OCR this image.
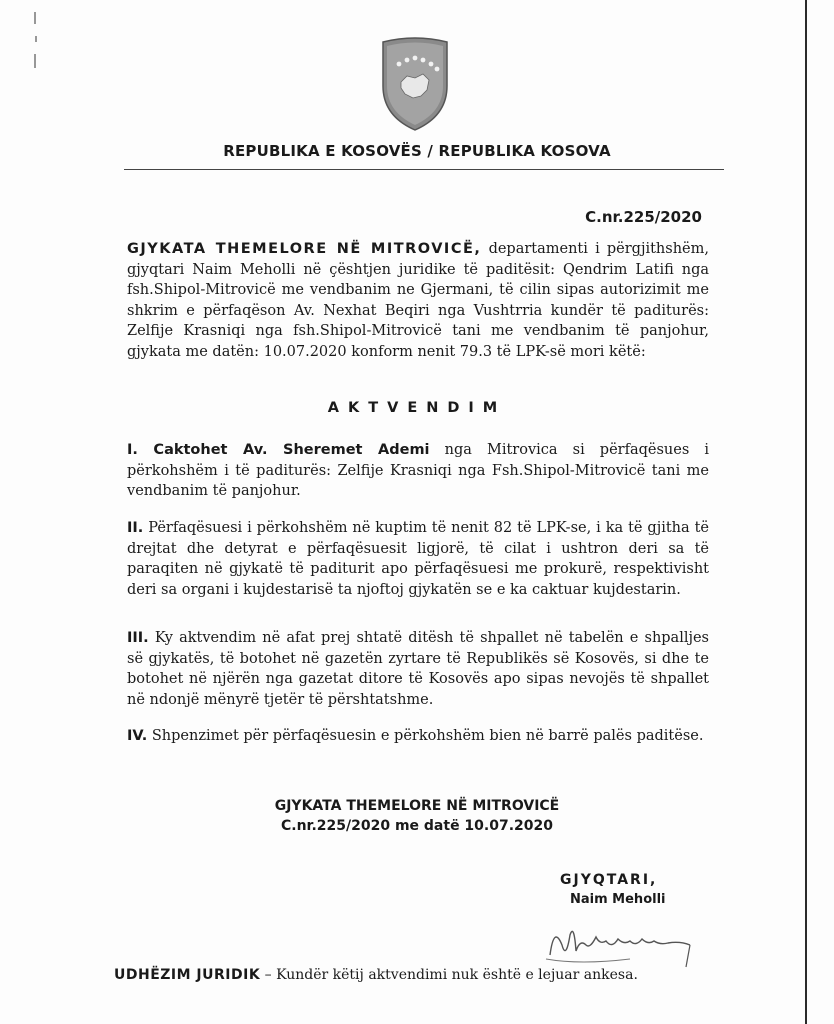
REPUBLIKA E KOSOVËS / REPUBLIKA KOSOVA
C.nr.225/2020
GJYKATA THEMELORE NË MITROVICË, departamenti i përgjithshëm, gjyqtari Naim Meholli në çështjen juridike të paditësit: Qendrim Latifi nga fsh.Shipol-Mitrovicë me vendbanim ne Gjermani, të cilin sipas autorizimit me shkrim e përfaqëson Av. Nexhat Beqiri nga Vushtrria kundër të paditurës: Zelfije Krasniqi nga fsh.Shipol-Mitrovicë tani me vendbanim të panjohur, gjykata me datën: 10.07.2020 konform nenit 79.3 të LPK-së mori këtë:
AKTVENDIM
I. Caktohet Av. Sheremet Ademi nga Mitrovica si përfaqësues i përkohshëm i të paditurës: Zelfije Krasniqi nga Fsh.Shipol-Mitrovicë tani me vendbanim të panjohur.
II. Përfaqësuesi i përkohshëm në kuptim të nenit 82 të LPK-se, i ka të gjitha të drejtat dhe detyrat e përfaqësuesit ligjorë, të cilat i ushtron deri sa të paraqiten në gjykatë të paditurit apo përfaqësuesi me prokurë, respektivisht deri sa organi i kujdestarisë ta njoftoj gjykatën se e ka caktuar kujdestarin.
III. Ky aktvendim në afat prej shtatë ditësh të shpallet në tabelën e shpalljes së gjykatës, të botohet në gazetën zyrtare të Republikës së Kosovës, si dhe te botohet në njërën nga gazetat ditore të Kosovës apo sipas nevojës të shpallet në ndonjë mënyrë tjetër të përshtatshme.
IV. Shpenzimet për përfaqësuesin e përkohshëm bien në barrë palës paditëse.
GJYKATA THEMELORE NË MITROVICË
C.nr.225/2020 me datë 10.07.2020
GJYQTARI,
Naim Meholli
UDHËZIM JURIDIK – Kundër këtij aktvendimi nuk është e lejuar ankesa.
